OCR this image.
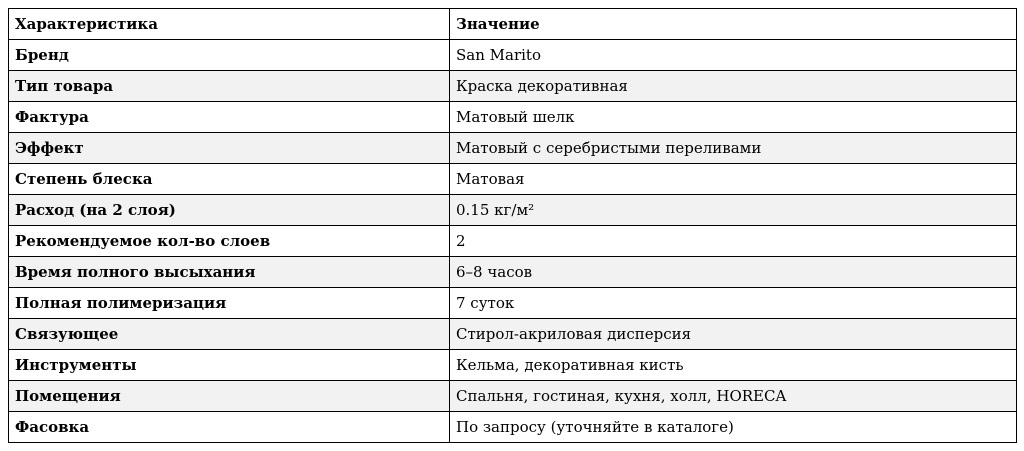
Характеристика	Значение
Бренд	San Marito
Тип товара	Краска декоративная
Фактура	Матовый шелк
Эффект	Матовый с серебристыми переливами
Степень блеска	Матовая
Расход (на 2 слоя)	0.15 кг/м²
Рекомендуемое кол-во слоев	2
Время полного высыхания	6–8 часов
Полная полимеризация	7 суток
Связующее	Стирол-акриловая дисперсия
Инструменты	Кельма, декоративная кисть
Помещения	Спальня, гостиная, кухня, холл, HORECA
Фасовка	По запросу (уточняйте в каталоге)
